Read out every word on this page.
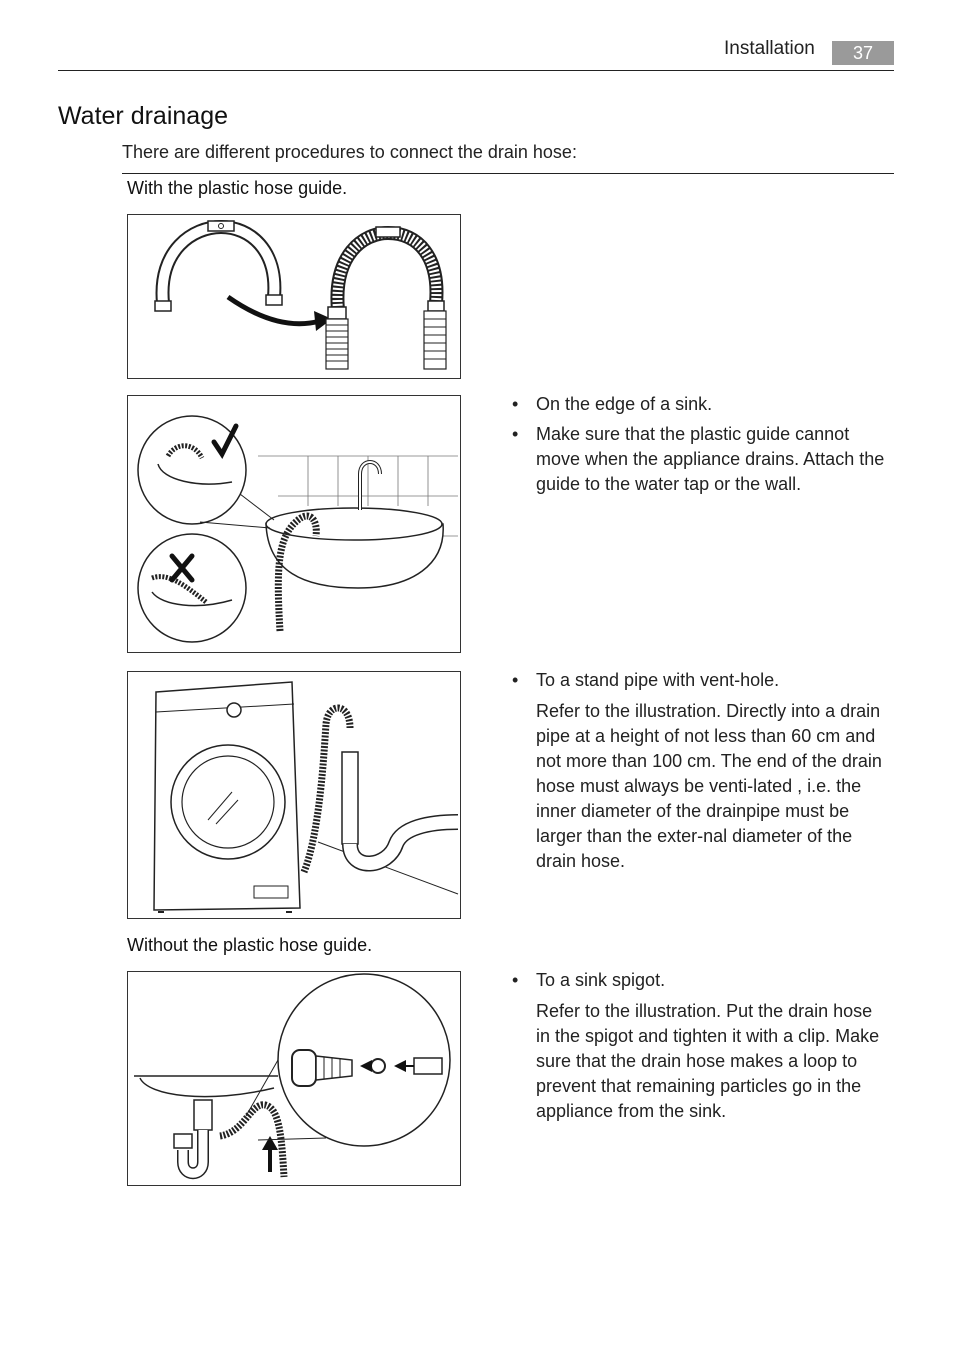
Installation	37
Water drainage
There are different procedures to connect the drain hose:
With the plastic hose guide.
Without the plastic hose guide.
• On the edge of a sink.
• Make sure that the plastic guide cannot move when the appliance drains. Attach the guide to the water tap or the wall.
• To a stand pipe with vent-hole.
Refer to the illustration. Directly into a drain pipe at a height of not less than 60 cm and not more than 100 cm. The end of the drain hose must always be venti-lated , i.e. the inner diameter of the drainpipe must be larger than the exter-nal diameter of the drain hose.
• To a sink spigot.
Refer to the illustration. Put the drain hose in the spigot and tighten it with a clip. Make sure that the drain hose makes a loop to prevent that remaining particles go in the appliance from the sink.
